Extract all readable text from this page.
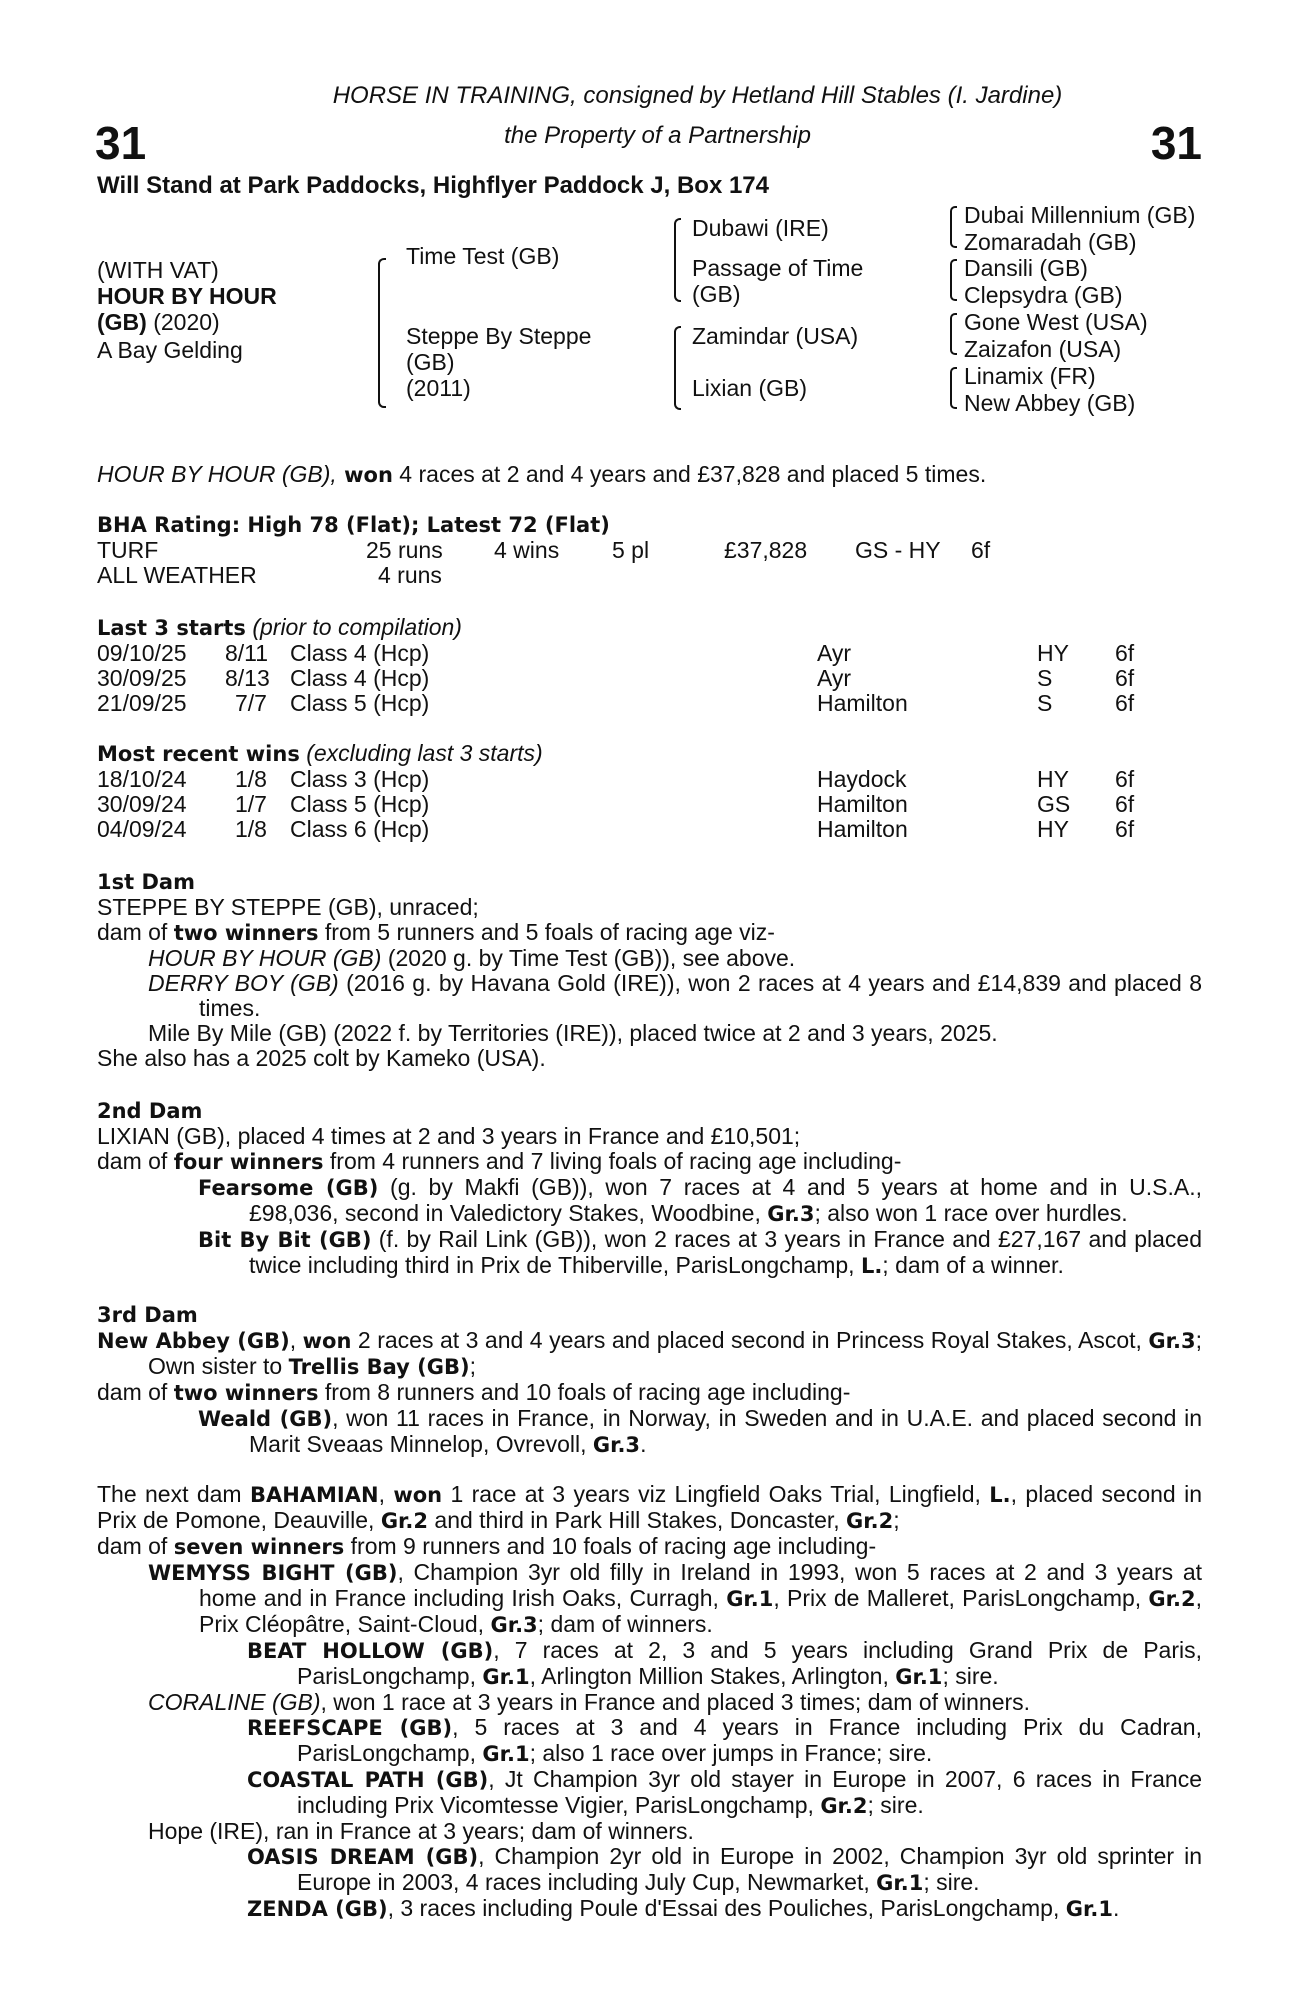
31	31
HORSE IN TRAINING, consigned by Hetland Hill Stables (I. Jardine)
the Property of a Partnership
Will Stand at Park Paddocks, Highflyer Paddock J, Box 174
(WITH VAT)
HOUR BY HOUR
(GB) (2020)
A Bay Gelding
Time Test (GB)
Steppe By Steppe
(GB)
(2011)
Dubawi (IRE)
Passage of Time
(GB)
Zamindar (USA)
Lixian (GB)
Dubai Millennium (GB)
Zomaradah (GB)
Dansili (GB)
Clepsydra (GB)
Gone West (USA)
Zaizafon (USA)
Linamix (FR)
New Abbey (GB)
HOUR BY HOUR (GB), won 4 races at 2 and 4 years and £37,828 and placed 5 times.
BHA Rating: High 78 (Flat); Latest 72 (Flat)
TURF	25 runs 4 wins 5 pl	£37,828 GS - HY 6f
ALL WEATHER	4 runs
Last 3 starts (prior to compilation)
09/10/25 8/11 Class 4 (Hcp)	Ayr	HY 6f
30/09/25 8/13 Class 4 (Hcp)	Ayr	S	6f
21/09/25 7/7 Class 5 (Hcp)	Hamilton	S	6f
Most recent wins (excluding last 3 starts)
18/10/24 1/8 Class 3 (Hcp)	Haydock	HY 6f
30/09/24 1/7 Class 5 (Hcp)	Hamilton	GS 6f
04/09/24 1/8 Class 6 (Hcp)	Hamilton	HY 6f
1st Dam
STEPPE BY STEPPE (GB), unraced;
dam of two winners from 5 runners and 5 foals of racing age viz-
HOUR BY HOUR (GB) (2020 g. by Time Test (GB)), see above.
DERRY BOY (GB) (2016 g. by Havana Gold (IRE)), won 2 races at 4 years and £14,839 and placed 8 times.
Mile By Mile (GB) (2022 f. by Territories (IRE)), placed twice at 2 and 3 years, 2025.
She also has a 2025 colt by Kameko (USA).
2nd Dam
LIXIAN (GB), placed 4 times at 2 and 3 years in France and £10,501;
dam of four winners from 4 runners and 7 living foals of racing age including-
Fearsome (GB) (g. by Makfi (GB)), won 7 races at 4 and 5 years at home and in U.S.A., £98,036, second in Valedictory Stakes, Woodbine, Gr.3; also won 1 race over hurdles.
Bit By Bit (GB) (f. by Rail Link (GB)), won 2 races at 3 years in France and £27,167 and placed twice including third in Prix de Thiberville, ParisLongchamp, L.; dam of a winner.
3rd Dam
New Abbey (GB), won 2 races at 3 and 4 years and placed second in Princess Royal Stakes, Ascot, Gr.3; Own sister to Trellis Bay (GB);
dam of two winners from 8 runners and 10 foals of racing age including-
Weald (GB), won 11 races in France, in Norway, in Sweden and in U.A.E. and placed second in Marit Sveaas Minnelop, Ovrevoll, Gr.3.
The next dam BAHAMIAN, won 1 race at 3 years viz Lingfield Oaks Trial, Lingfield, L., placed second in Prix de Pomone, Deauville, Gr.2 and third in Park Hill Stakes, Doncaster, Gr.2;
dam of seven winners from 9 runners and 10 foals of racing age including-
WEMYSS BIGHT (GB), Champion 3yr old filly in Ireland in 1993, won 5 races at 2 and 3 years at home and in France including Irish Oaks, Curragh, Gr.1, Prix de Malleret, ParisLongchamp, Gr.2, Prix Cléopâtre, Saint-Cloud, Gr.3; dam of winners.
BEAT HOLLOW (GB), 7 races at 2, 3 and 5 years including Grand Prix de Paris, ParisLongchamp, Gr.1, Arlington Million Stakes, Arlington, Gr.1; sire.
CORALINE (GB), won 1 race at 3 years in France and placed 3 times; dam of winners.
REEFSCAPE (GB), 5 races at 3 and 4 years in France including Prix du Cadran, ParisLongchamp, Gr.1; also 1 race over jumps in France; sire.
COASTAL PATH (GB), Jt Champion 3yr old stayer in Europe in 2007, 6 races in France including Prix Vicomtesse Vigier, ParisLongchamp, Gr.2; sire.
Hope (IRE), ran in France at 3 years; dam of winners.
OASIS DREAM (GB), Champion 2yr old in Europe in 2002, Champion 3yr old sprinter in Europe in 2003, 4 races including July Cup, Newmarket, Gr.1; sire.
ZENDA (GB), 3 races including Poule d'Essai des Pouliches, ParisLongchamp, Gr.1.
